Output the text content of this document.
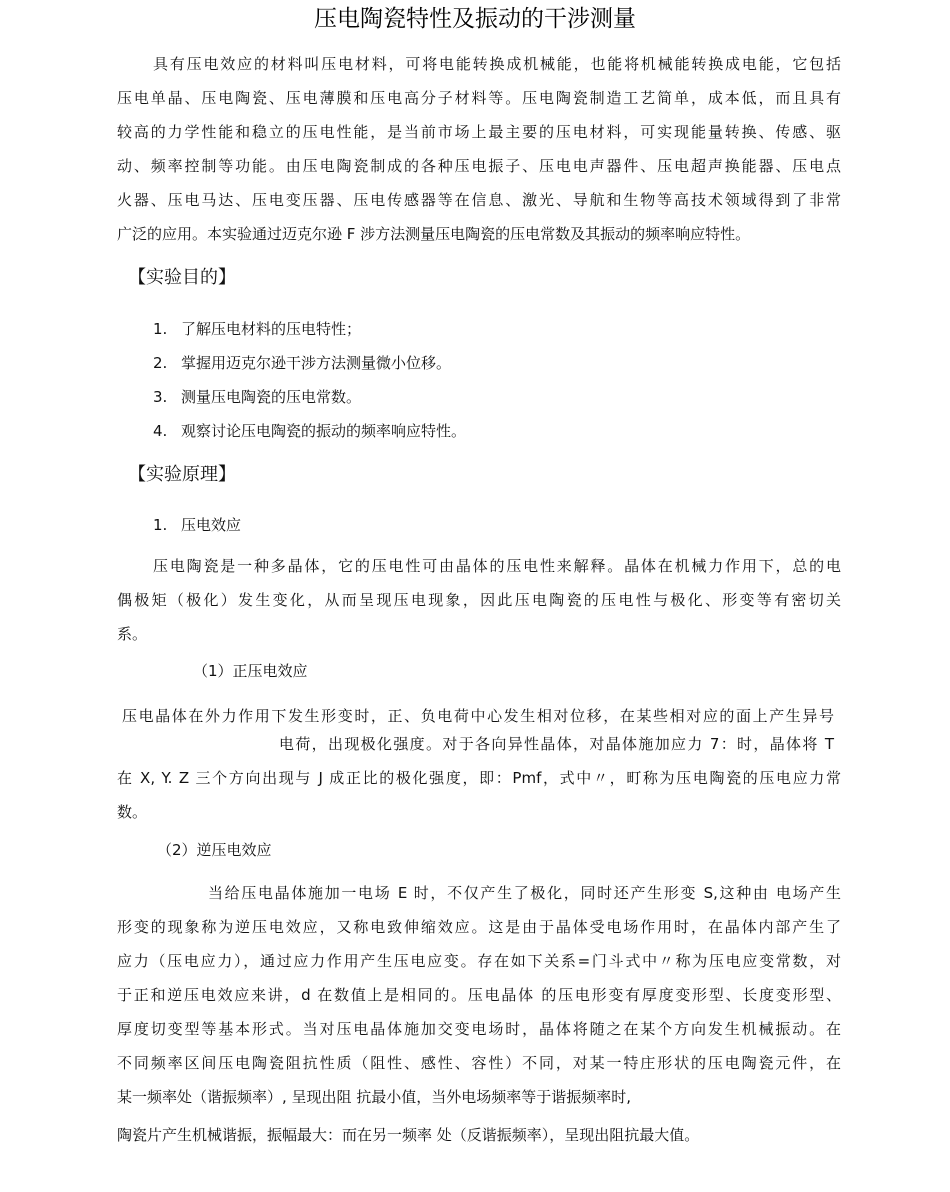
压电陶瓷特性及振动的干涉测量
具有压电效应的材料叫压电材料，可将电能转换成机械能，也能将机械能转换成电能，它包括
压电单晶、压电陶瓷、压电薄膜和压电高分子材料等。压电陶瓷制造工艺简单，成本低，而且具有
较高的力学性能和稳立的压电性能，是当前市场上最主要的压电材料，可实现能量转换、传感、驱
动、频率控制等功能。由压电陶瓷制成的各种压电振子、压电电声器件、压电超声换能器、压电点
火器、压电马达、压电变压器、压电传感器等在信息、激光、导航和生物等高技术领域得到了非常
广泛的应用。本实验通过迈克尔逊 F 涉方法测量压电陶瓷的压电常数及其振动的频率响应特性。
【实验目的】
1. 了解压电材料的压电特性；
2. 掌握用迈克尔逊干涉方法测量微小位移。
3. 测量压电陶瓷的压电常数。
4. 观察讨论压电陶瓷的振动的频率响应特性。
【实验原理】
1. 压电效应
压电陶瓷是一种多晶体，它的压电性可由晶体的压电性来解释。晶体在机械力作用下，总的电
偶极矩（极化）发生变化，从而呈现压电现象，因此压电陶瓷的压电性与极化、形变等有密切关
系。
（1）正压电效应
压电晶体在外力作用下发生形变时，正、负电荷中心发生相对位移，在某些相对应的面上产生异号
电荷，出现极化强度。对于各向异性晶体，对晶体施加应力 7：时，晶体将 T
在 X, Y. Z 三个方向出现与 J 成正比的极化强度，即：Pmf，式中〃，町称为压电陶瓷的压电应力常
数。
（2）逆压电效应
当给压电晶体施加一电场 E 时，不仅产生了极化，同时还产生形变 S,这种由 电场产生
形变的现象称为逆压电效应，又称电致伸缩效应。这是由于晶体受电场作用时，在晶体内部产生了
应力（压电应力），通过应力作用产生压电应变。存在如下关系=门斗式中〃称为压电应变常数，对
于正和逆压电效应来讲，d 在数值上是相同的。压电晶体 的压电形变有厚度变形型、长度变形型、
厚度切变型等基本形式。当对压电晶体施加交变电场时，晶体将随之在某个方向发生机械振动。在
不同频率区间压电陶瓷阻抗性质（阻性、感性、容性）不同，对某一特庄形状的压电陶瓷元件，在
某一频率处（谐振频率）, 呈现出阻 抗最小值，当外电场频率等于谐振频率时,
陶瓷片产生机械谐振，振幅最大：而在另一频率 处（反谐振频率），呈现出阻抗最大值。
